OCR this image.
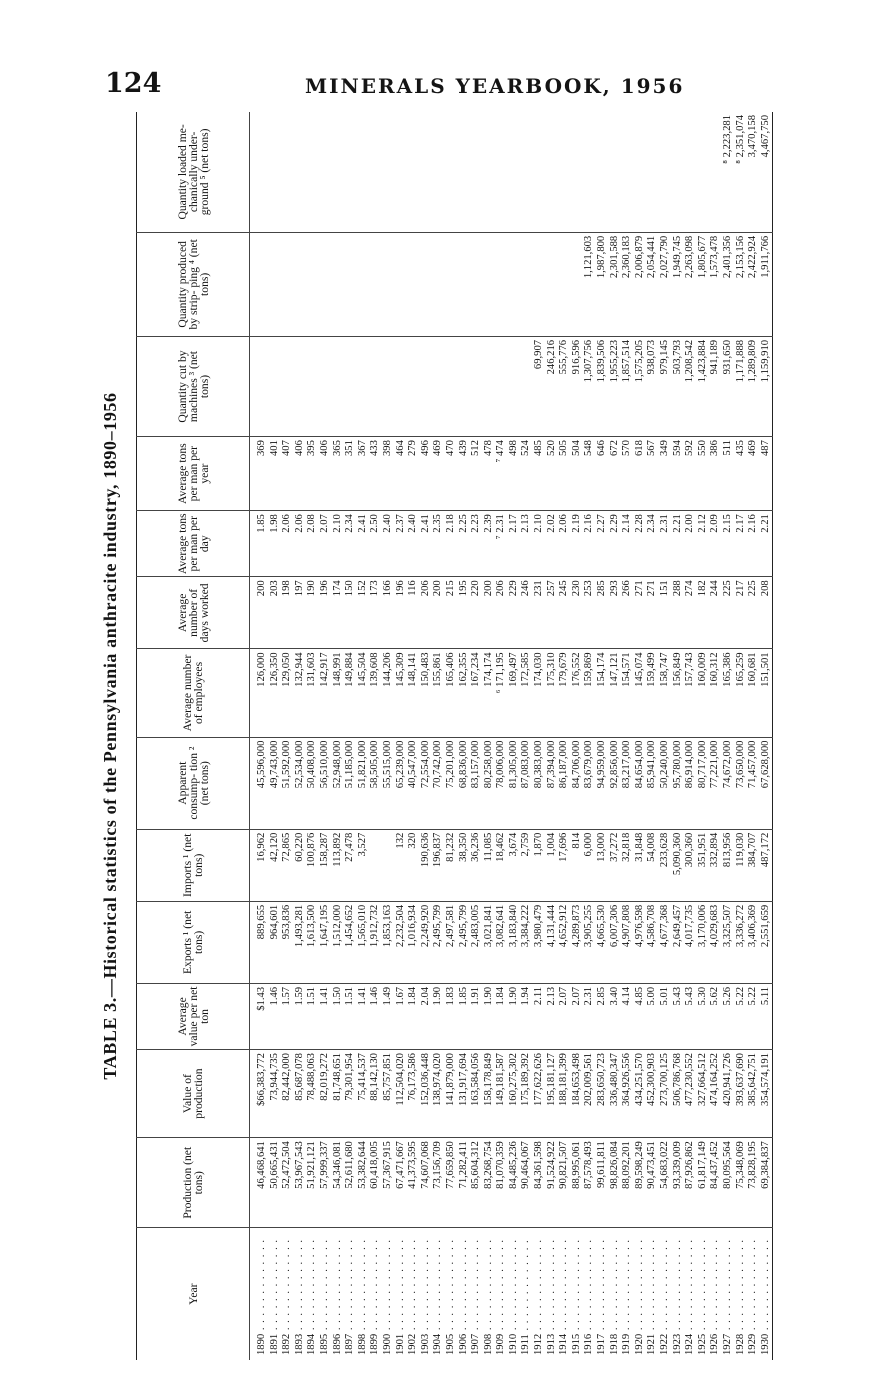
124	MINERALS YEARBOOK, 1956
TABLE 3.—Historical statistics of the Pennsylvania anthracite industry, 1890–1956
Year	Production (net tons)	Value of production	Average value per net ton	Exports ¹ (net tons)	Imports ¹ (net tons)	Apparent consump- tion ² (net tons)	Average number of employees	Average number of days worked	Average tons per man per day	Average tons per man per year	Quantity cut by machines ³ (net tons)	Quantity produced by strip- ping ⁴ (net tons)	Quantity loaded me- chanically under- ground ⁵ (net tons)
1890 . . . . . . . . . . . . .	46,468,641	$66,383,772	$1.43	889,655	16,962	45,596,000	126,000	200	1.85	369			
1891 . . . . . . . . . . . . .	50,665,431	73,944,735	1.46	964,601	42,120	49,743,000	126,350	203	1.98	401			
1892 . . . . . . . . . . . . .	52,472,504	82,442,000	1.57	953,836	72,865	51,592,000	129,050	198	2.06	407			
1893 . . . . . . . . . . . . .	53,967,543	85,687,078	1.59	1,493,281	60,220	52,534,000	132,944	197	2.06	406			
1894 . . . . . . . . . . . . .	51,921,121	78,488,063	1.51	1,613,500	100,876	50,408,000	131,603	190	2.08	395			
1895 . . . . . . . . . . . . .	57,999,337	82,019,272	1.41	1,647,195	158,287	56,510,000	142,917	196	2.07	406			
1896 . . . . . . . . . . . . .	54,346,081	81,748,651	1.50	1,512,000	113,892	52,948,000	148,991	174	2.10	365			
1897 . . . . . . . . . . . . .	52,611,680	79,301,954	1.51	1,454,652	27,478	51,185,000	149,884	150	2.34	351			
1898 . . . . . . . . . . . . .	53,382,644	75,414,537	1.41	1,565,010	3,527	51,821,000	145,504	152	2.41	367			
1899 . . . . . . . . . . . . .	60,418,005	88,142,130	1.46	1,912,732		58,505,000	139,608	173	2.50	433			
1900 . . . . . . . . . . . . .	57,367,915	85,757,851	1.49	1,853,163		55,515,000	144,206	166	2.40	398			
1901 . . . . . . . . . . . . .	67,471,667	112,504,020	1.67	2,232,504	132	65,239,000	145,309	196	2.37	464			
1902 . . . . . . . . . . . . .	41,373,595	76,173,586	1.84	1,016,934	320	40,547,000	148,141	116	2.40	279			
1903 . . . . . . . . . . . . .	74,607,068	152,036,448	2.04	2,249,920	190,636	72,554,000	150,483	206	2.41	496			
1904 . . . . . . . . . . . . .	73,156,709	138,974,020	1.90	2,495,799	196,837	70,742,000	155,861	200	2.35	469			
1905 . . . . . . . . . . . . .	77,659,850	141,879,000	1.83	2,497,581	81,232	75,201,000	165,406	215	2.18	470			
1906 . . . . . . . . . . . . .	71,282,411	131,917,694	1.85	2,495,799	38,350	68,836,000	162,355	195	2.25	439			
1907 . . . . . . . . . . . . .	85,604,312	163,584,056	1.91	2,483,005	36,236	83,157,000	167,234	220	2.23	512			
1908 . . . . . . . . . . . . .	83,268,754	158,178,849	1.90	3,021,841	11,085	80,258,000	174,174	200	2.39	478			
1909 . . . . . . . . . . . . .	81,070,359	149,181,587	1.84	3,082,641	18,462	78,006,000	⁶ 171,195	206	⁷ 2.31	⁷ 474			
1910 . . . . . . . . . . . . .	84,485,236	160,275,302	1.90	3,183,840	3,674	81,305,000	169,497	229	2.17	498			
1911 . . . . . . . . . . . . .	90,464,067	175,189,392	1.94	3,384,222	2,759	87,083,000	172,585	246	2.13	524			
1912 . . . . . . . . . . . . .	84,361,598	177,622,626	2.11	3,980,479	1,870	80,383,000	174,030	231	2.10	485	69,907		
1913 . . . . . . . . . . . . .	91,524,922	195,181,127	2.13	4,131,444	1,004	87,394,000	175,310	257	2.02	520	246,216		
1914 . . . . . . . . . . . . .	90,821,507	188,181,399	2.07	4,652,912	17,696	86,187,000	179,679	245	2.06	505	555,776		
1915 . . . . . . . . . . . . .	88,995,061	184,653,498	2.07	4,289,873	814	84,706,000	176,552	230	2.19	504	916,596		
1916 . . . . . . . . . . . . .	87,578,493	202,009,561	2.31	3,905,255	6,000	83,679,000	159,869	253	2.16	548	1,307,756	1,121,603	
1917 . . . . . . . . . . . . .	99,611,811	283,650,723	2.85	4,665,530	13,000	94,959,000	154,174	285	2.27	646	1,839,506	1,987,800	
1918 . . . . . . . . . . . . .	98,826,084	336,480,347	3.40	6,007,306	37,272	92,856,000	147,121	293	2.29	672	1,955,223	2,301,588	
1919 . . . . . . . . . . . . .	88,092,201	364,926,556	4.14	4,907,808	32,818	83,217,000	154,571	266	2.14	570	1,857,514	2,360,183	
1920 . . . . . . . . . . . . .	89,598,249	434,251,570	4.85	4,976,598	31,848	84,654,000	145,074	271	2.28	618	1,575,205	2,006,879	
1921 . . . . . . . . . . . . .	90,473,451	452,300,903	5.00	4,586,708	54,008	85,941,000	159,499	271	2.34	567	938,073	2,054,441	
1922 . . . . . . . . . . . . .	54,683,022	273,700,125	5.01	4,677,368	233,628	50,240,000	158,747	151	2.31	349	979,145	2,027,790	
1923 . . . . . . . . . . . . .	93,339,009	506,786,768	5.43	2,649,457	5,090,360	95,780,000	156,849	288	2.21	594	503,793	1,949,745	
1924 . . . . . . . . . . . . .	87,926,862	477,230,552	5.43	4,017,735	300,360	86,914,000	157,743	274	2.00	592	1,208,542	2,263,098	
1925 . . . . . . . . . . . . .	61,817,149	327,664,512	5.30	3,170,006	351,951	80,717,000	160,009	182	2.12	550	1,423,884	1,805,677	
1926 . . . . . . . . . . . . .	84,437,452	474,164,252	5.62	4,029,683	332,894	77,221,000	160,312	244	2.09	386	941,189	1,573,478	
1927 . . . . . . . . . . . . .	80,095,564	420,941,726	5.26	3,325,507	813,956	74,672,000	165,386	225	2.15	511	931,650	2,401,356	⁸ 2,223,281
1928 . . . . . . . . . . . . .	75,348,069	393,637,690	5.22	3,336,272	119,030	73,650,000	165,259	217	2.17	435	1,171,888	2,153,156	⁸ 2,351,074
1929 . . . . . . . . . . . . .	73,828,195	385,642,751	5.22	3,406,369	384,707	71,457,000	160,681	225	2.16	469	1,289,809	2,422,924	3,470,158
1930 . . . . . . . . . . . . .	69,384,837	354,574,191	5.11	2,551,659	487,172	67,628,000	151,501	208	2.21	487	1,159,910	1,911,766	4,467,750
